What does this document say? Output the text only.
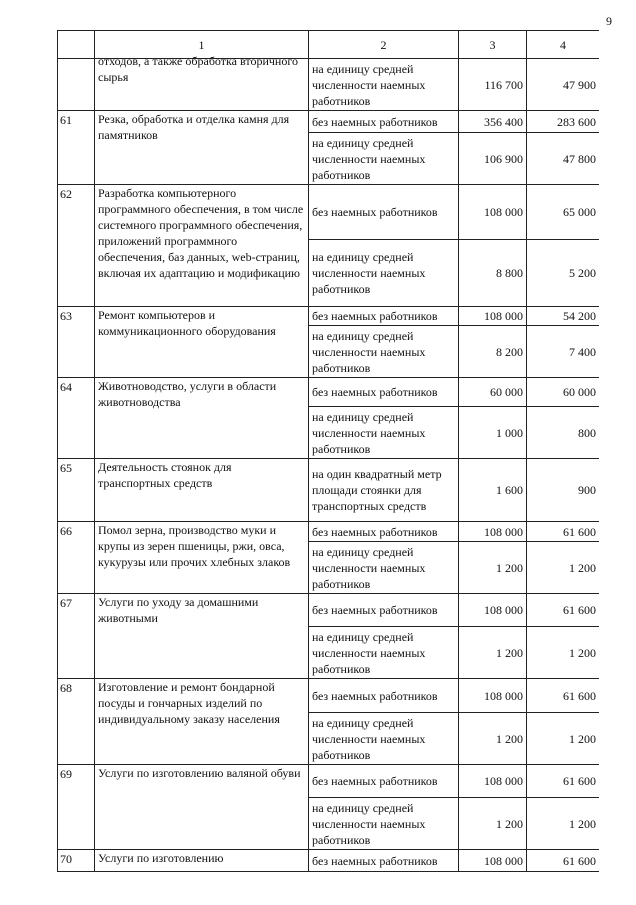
9
	1	2	3	4

	отходов, а также обработка вторичного сырья	на единицу средней численности наемных работников	116 700	47 900
61	Резка, обработка и отделка камня для памятников	без наемных работников	356 400	283 600
		на единицу средней численности наемных работников	106 900	47 800
62	Разработка компьютерного программного обеспечения, в том числе системного программного обеспечения, приложений программного обеспечения, баз данных, web-страниц, включая их адаптацию и модификацию	без наемных работников	108 000	65 000
		на единицу средней численности наемных работников	8 800	5 200
63	Ремонт компьютеров и коммуникационного оборудования	без наемных работников	108 000	54 200
		на единицу средней численности наемных работников	8 200	7 400
64	Животноводство, услуги в области животноводства	без наемных работников	60 000	60 000
		на единицу средней численности наемных работников	1 000	800
65	Деятельность стоянок для транспортных средств	на один квадратный метр площади стоянки для транспортных средств	1 600	900
66	Помол зерна, производство муки и крупы из зерен пшеницы, ржи, овса, кукурузы или прочих хлебных злаков	без наемных работников	108 000	61 600
		на единицу средней численности наемных работников	1 200	1 200
67	Услуги по уходу за домашними животными	без наемных работников	108 000	61 600
		на единицу средней численности наемных работников	1 200	1 200
68	Изготовление и ремонт бондарной посуды и гончарных изделий по индивидуальному заказу населения	без наемных работников	108 000	61 600
		на единицу средней численности наемных работников	1 200	1 200
69	Услуги по изготовлению валяной обуви	без наемных работников	108 000	61 600
		на единицу средней численности наемных работников	1 200	1 200
70	Услуги по изготовлению	без наемных работников	108 000	61 600
